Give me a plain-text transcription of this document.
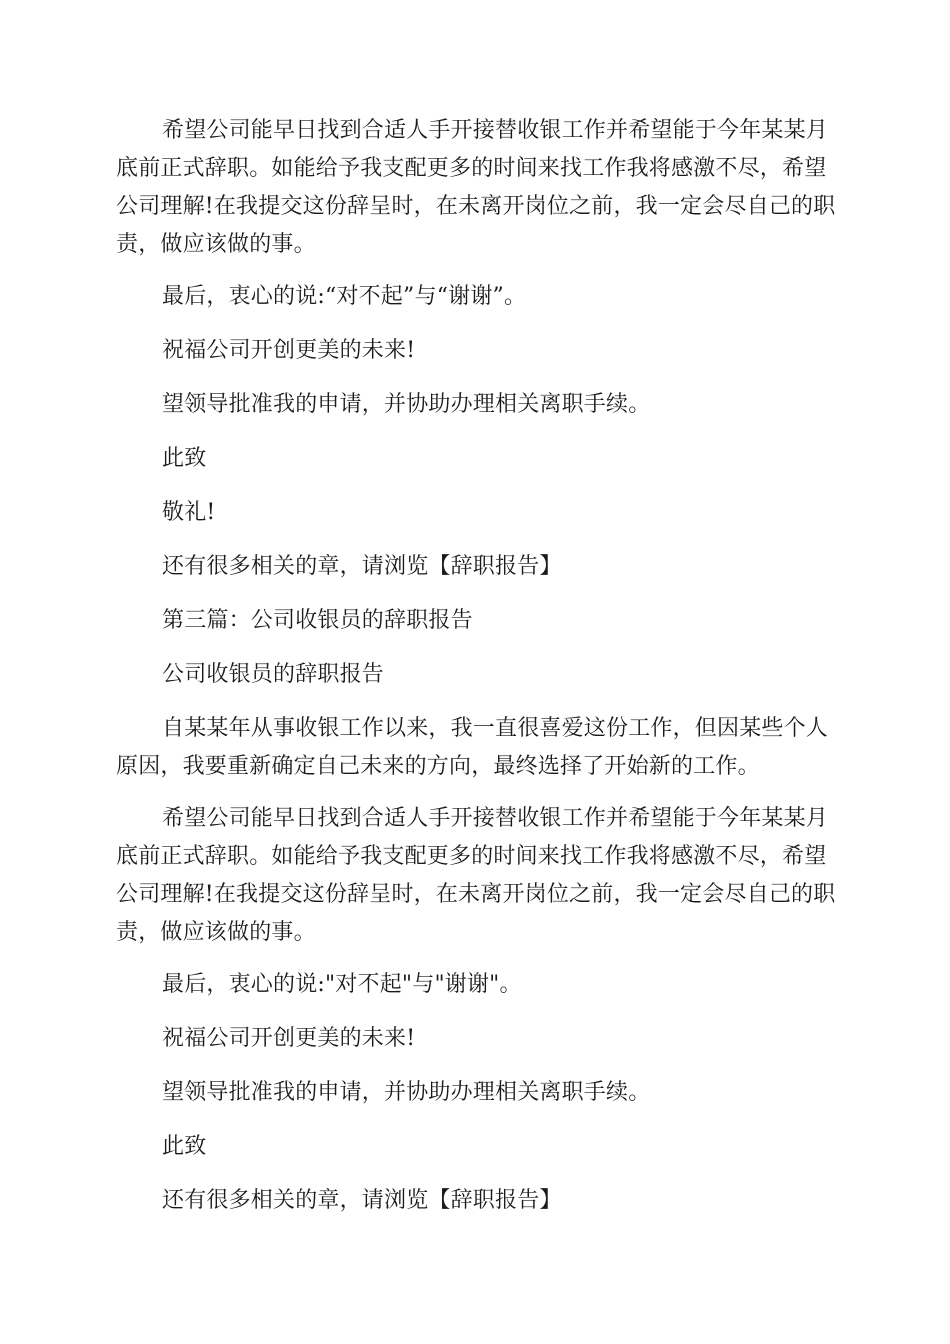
希望公司能早日找到合适人手开接替收银工作并希望能于今年某某月底前正式辞职。如能给予我支配更多的时间来找工作我将感激不尽，希望公司理解!在我提交这份辞呈时，在未离开岗位之前，我一定会尽自己的职责，做应该做的事。

最后，衷心的说:“对不起”与“谢谢”。

祝福公司开创更美的未来!

望领导批准我的申请，并协助办理相关离职手续。

此致

敬礼!

还有很多相关的章，请浏览【辞职报告】

第三篇：公司收银员的辞职报告

公司收银员的辞职报告

自某某年从事收银工作以来，我一直很喜爱这份工作，但因某些个人原因，我要重新确定自己未来的方向，最终选择了开始新的工作。

希望公司能早日找到合适人手开接替收银工作并希望能于今年某某月底前正式辞职。如能给予我支配更多的时间来找工作我将感激不尽，希望公司理解!在我提交这份辞呈时，在未离开岗位之前，我一定会尽自己的职责，做应该做的事。

最后，衷心的说:"对不起"与"谢谢"。

祝福公司开创更美的未来!

望领导批准我的申请，并协助办理相关离职手续。

此致

还有很多相关的章，请浏览【辞职报告】
